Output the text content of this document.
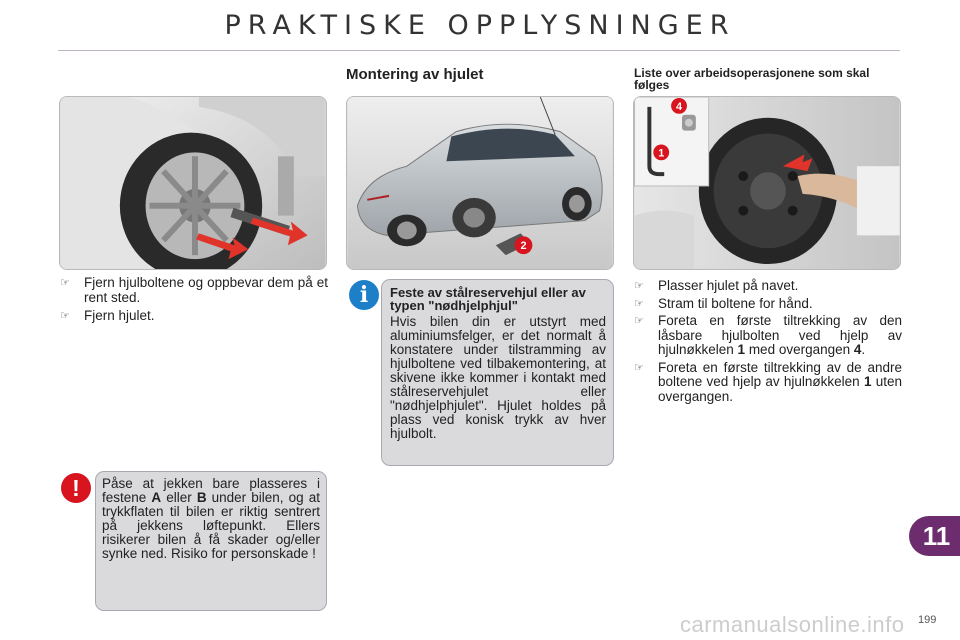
PRAKTISKE OPPLYSNINGER
Montering av hjulet	Liste over arbeidsoperasjonene som skal følges
2
4
1
☞ Fjern hjulboltene og oppbevar dem på et rent sted.
☞ Fjern hjulet.
i	Feste av stålreservehjul eller av typen "nødhjelphjul"
Hvis bilen din er utstyrt med aluminiumsfelger, er det normalt å konstatere under tilstramming av hjulboltene ved tilbakemontering, at skivene ikke kommer i kontakt med stålreservehjulet eller "nødhjelphjulet". Hjulet holdes på plass ved konisk trykk av hver hjulbolt.
!	Påse at jekken bare plasseres i festene A eller B under bilen, og at trykkflaten til bilen er riktig sentrert på jekkens løftepunkt. Ellers risikerer bilen å få skader og/eller synke ned. Risiko for personskade !
☞ Plasser hjulet på navet.
☞ Stram til boltene for hånd.
☞ Foreta en første tiltrekking av den låsbare hjulbolten ved hjelp av hjulnøkkelen 1 med overgangen 4.
☞ Foreta en første tiltrekking av de andre boltene ved hjelp av hjulnøkkelen 1 uten overgangen.
11
199
carmanualsonline.info
